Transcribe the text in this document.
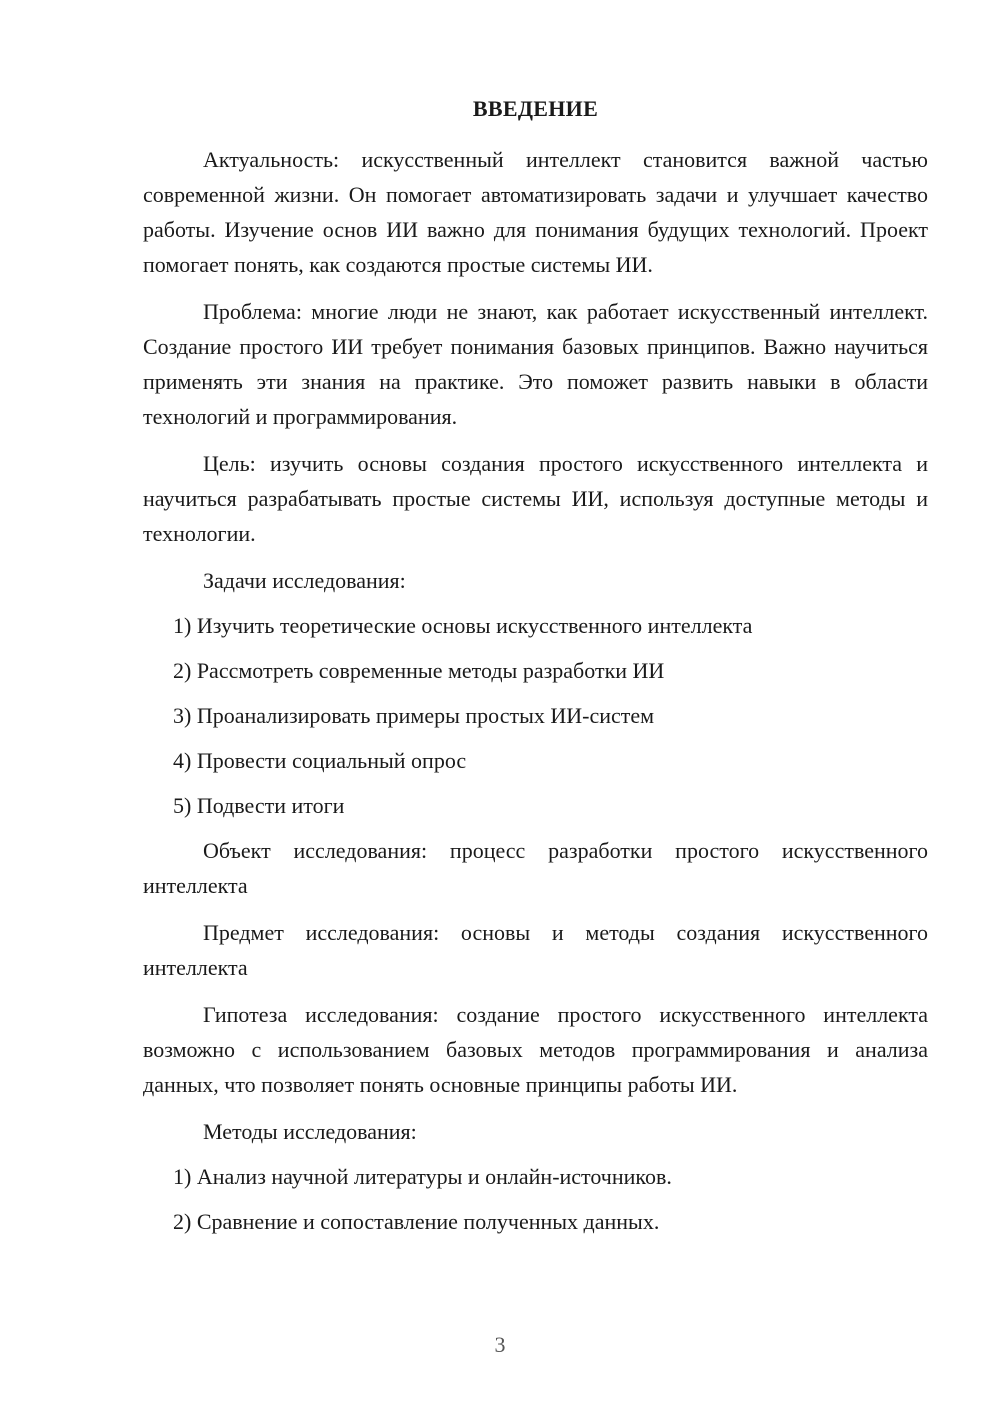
ВВЕДЕНИЕ

Актуальность: искусственный интеллект становится важной частью современной жизни. Он помогает автоматизировать задачи и улучшает качество работы. Изучение основ ИИ важно для понимания будущих технологий. Проект помогает понять, как создаются простые системы ИИ.

Проблема: многие люди не знают, как работает искусственный интеллект. Создание простого ИИ требует понимания базовых принципов. Важно научиться применять эти знания на практике. Это поможет развить навыки в области технологий и программирования.

Цель: изучить основы создания простого искусственного интеллекта и научиться разрабатывать простые системы ИИ, используя доступные методы и технологии.

Задачи исследования:

1) Изучить теоретические основы искусственного интеллекта

2) Рассмотреть современные методы разработки ИИ

3) Проанализировать примеры простых ИИ-систем

4) Провести социальный опрос

5) Подвести итоги

Объект исследования: процесс разработки простого искусственного интеллекта

Предмет исследования: основы и методы создания искусственного интеллекта

Гипотеза исследования: создание простого искусственного интеллекта возможно с использованием базовых методов программирования и анализа данных, что позволяет понять основные принципы работы ИИ.

Методы исследования:

1) Анализ научной литературы и онлайн-источников.

2) Сравнение и сопоставление полученных данных.

3
